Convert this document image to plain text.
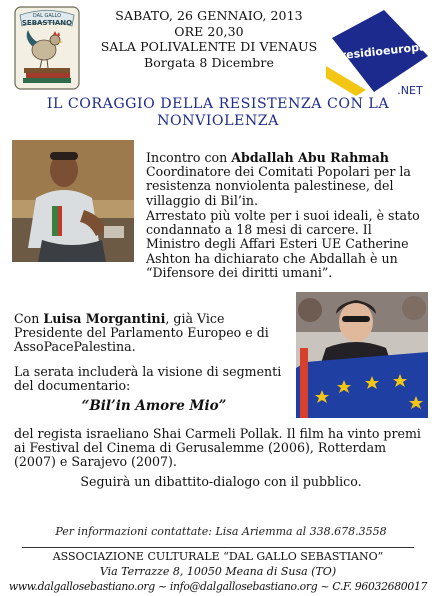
DAL GALLO
SEBASTIANO	SABATO, 26 GENNAIO, 2013
ORE 20,30
SALA POLIVALENTE DI VENAUS
Borgata 8 Dicembre	presidioeuropa
.NET
IL CORAGGIO DELLA RESISTENZA CON LA NONVIOLENZA
Incontro con Abdallah Abu Rahmah Coordinatore dei Comitati Popolari per la resistenza nonviolenta palestinese, del villaggio di Bil’in.
Arrestato più volte per i suoi ideali, è stato condannato a 18 mesi di carcere. Il Ministro degli Affari Esteri UE Catherine Ashton ha dichiarato che Abdallah è un “Difensore dei diritti umani”.
Con Luisa Morgantini, già Vice Presidente del Parlamento Europeo e di AssoPacePalestina.
La serata includerà la visione di segmenti del documentario:
“Bil’in Amore Mio”
del regista israeliano Shai Carmeli Pollak. Il film ha vinto premi ai Festival del Cinema di Gerusalemme (2006), Rotterdam (2007) e Sarajevo (2007).
Seguirà un dibattito-dialogo con il pubblico.
Per informazioni contattate: Lisa Ariemma al 338.678.3558
ASSOCIAZIONE CULTURALE “DAL GALLO SEBASTIANO”
Via Terrazze 8, 10050 Meana di Susa (TO)
www.dalgallosebastiano.org ~ info@dalgallosebastiano.org ~ C.F. 96032680017
